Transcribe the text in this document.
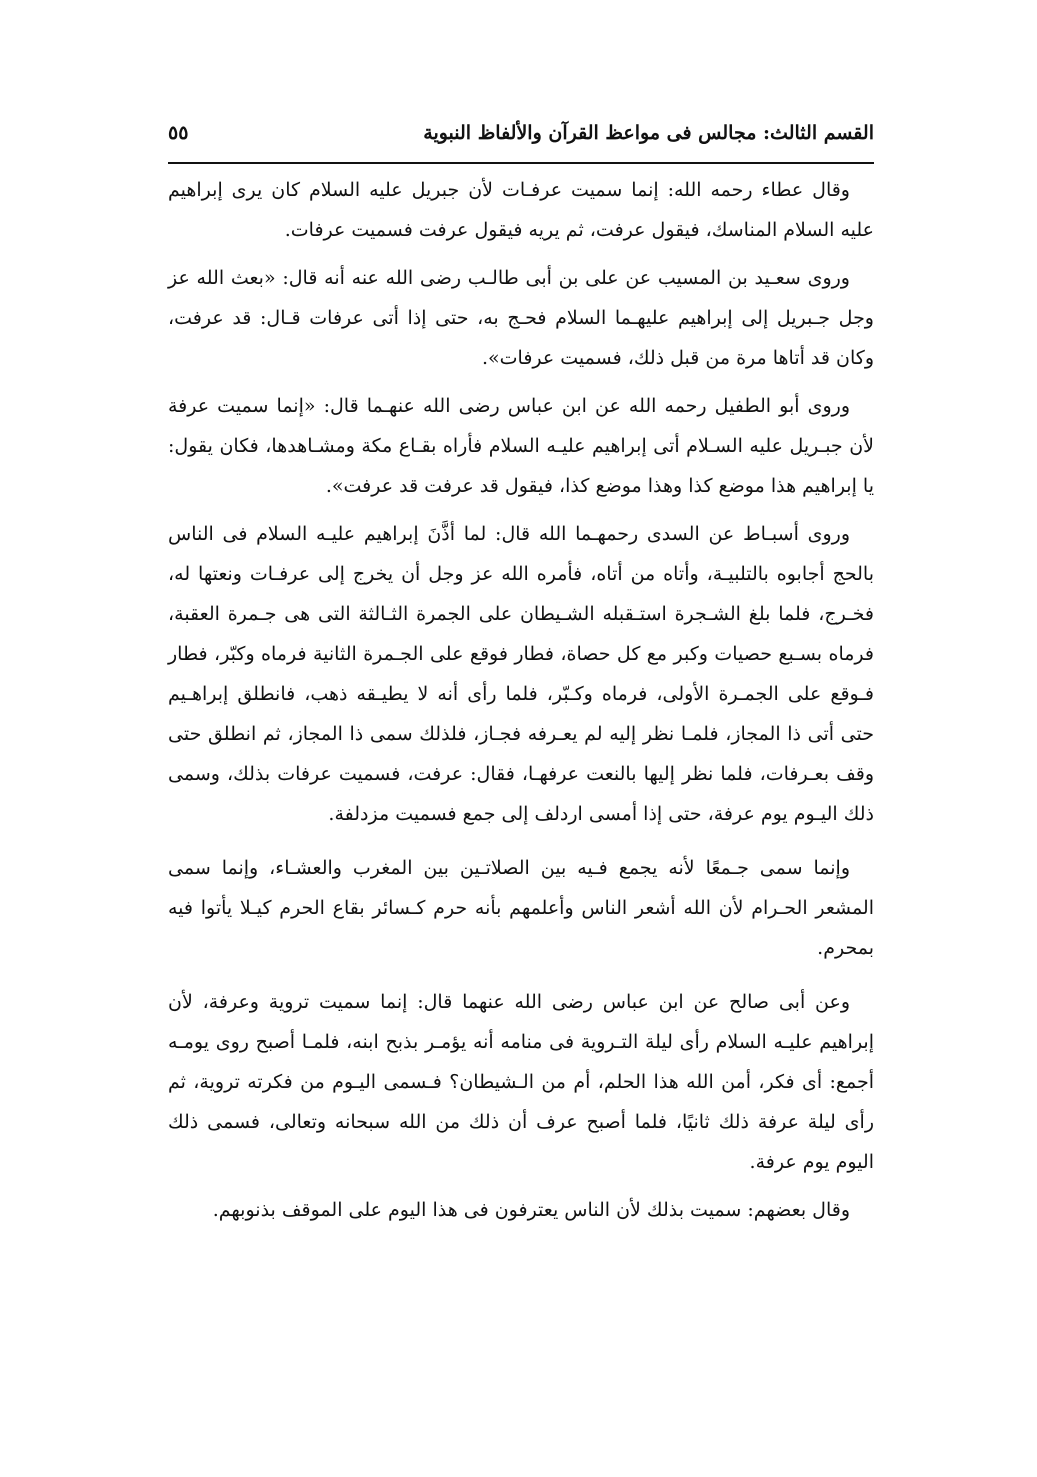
القسم الثالث: مجالس فى مواعظ القرآن والألفاظ النبوية
٥٥

وقال عطاء رحمه الله: إنما سميت عرفـات لأن جبريل عليه السلام كان يرى إبراهيم عليه السلام المناسك، فيقول عرفت، ثم يريه فيقول عرفت فسميت عرفات.

وروى سعـيد بن المسيب عن على بن أبى طالـب رضى الله عنه أنه قال: «بعث الله عز وجل جـبريل إلى إبراهيم عليهـما السلام فحـج به، حتى إذا أتى عرفات قـال: قد عرفت، وكان قد أتاها مرة من قبل ذلك، فسميت عرفات».

وروى أبو الطفيل رحمه الله عن ابن عباس رضى الله عنهـما قال: «إنما سميت عرفة لأن جبـريل عليه السـلام أتى إبراهيم عليـه السلام فأراه بقـاع مكة ومشـاهدها، فكان يقول: يا إبراهيم هذا موضع كذا وهذا موضع كذا، فيقول قد عرفت قد عرفت».

وروى أسبـاط عن السدى رحمهـما الله قال: لما أذَّنَ إبراهيم عليـه السلام فى الناس بالحج أجابوه بالتلبيـة، وأتاه من أتاه، فأمره الله عز وجل أن يخرج إلى عرفـات ونعتها له، فخـرج، فلما بلغ الشـجرة استـقبله الشـيطان على الجمرة الثـالثة التى هى جـمرة العقبة، فرماه بسـبع حصيات وكبر مع كل حصاة، فطار فوقع على الجـمرة الثانية فرماه وكبّر، فطار فـوقع على الجمـرة الأولى، فرماه وكـبّر، فلما رأى أنه لا يطيـقه ذهب، فانطلق إبراهـيم حتى أتى ذا المجاز، فلمـا نظر إليه لم يعـرفه فجـاز، فلذلك سمى ذا المجاز، ثم انطلق حتى وقف بعـرفات، فلما نظر إليها بالنعت عرفهـا، فقال: عرفت، فسميت عرفات بذلك، وسمى ذلك اليـوم يوم عرفة، حتى إذا أمسى اردلف إلى جمع فسميت مزدلفة.

وإنما سمى جـمعًا لأنه يجمع فـيه بين الصلاتـين بين المغرب والعشـاء، وإنما سمى المشعر الحـرام لأن الله أشعر الناس وأعلمهم بأنه حرم كـسائر بقاع الحرم كيـلا يأتوا فيه بمحرم.

وعن أبى صالح عن ابن عباس رضى الله عنهما قال: إنما سميت تروية وعرفة، لأن إبراهيم عليـه السلام رأى ليلة التـروية فى منامه أنه يؤمـر بذبح ابنه، فلمـا أصبح روى يومـه أجمع: أى فكر، أمن الله هذا الحلم، أم من الـشيطان؟ فـسمى اليـوم من فكرته تروية، ثم رأى ليلة عرفة ذلك ثانيًا، فلما أصبح عرف أن ذلك من الله سبحانه وتعالى، فسمى ذلك اليوم يوم عرفة.

وقال بعضهم: سميت بذلك لأن الناس يعترفون فى هذا اليوم على الموقف بذنوبهم.
